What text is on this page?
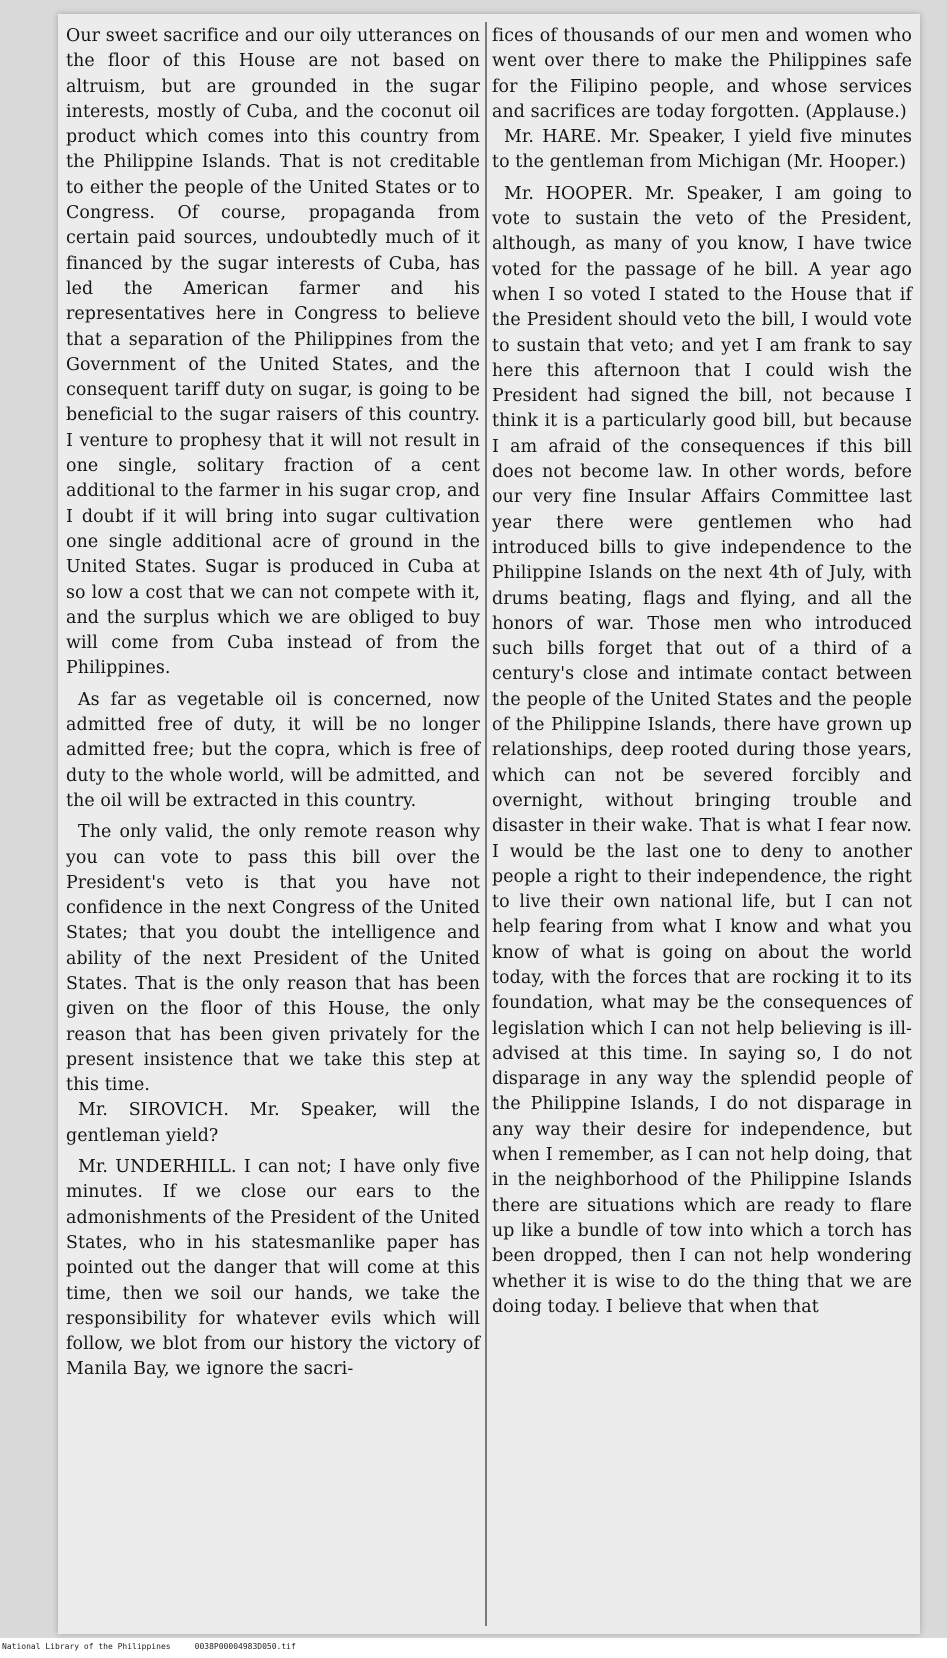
Our sweet sacrifice and our oily utterances on the floor of this House are not based on altruism, but are grounded in the sugar interests, mostly of Cuba, and the coconut oil product which comes into this country from the Philippine Islands. That is not creditable to either the people of the United States or to Congress. Of course, propaganda from certain paid sources, undoubtedly much of it financed by the sugar interests of Cuba, has led the American farmer and his representatives here in Congress to believe that a separation of the Philippines from the Government of the United States, and the consequent tariff duty on sugar, is going to be beneficial to the sugar raisers of this country. I venture to prophesy that it will not result in one single, solitary fraction of a cent additional to the farmer in his sugar crop, and I doubt if it will bring into sugar cultivation one single additional acre of ground in the United States. Sugar is produced in Cuba at so low a cost that we can not compete with it, and the surplus which we are obliged to buy will come from Cuba instead of from the Philippines.

As far as vegetable oil is concerned, now admitted free of duty, it will be no longer admitted free; but the copra, which is free of duty to the whole world, will be admitted, and the oil will be extracted in this country.

The only valid, the only remote reason why you can vote to pass this bill over the President's veto is that you have not confidence in the next Congress of the United States; that you doubt the intelligence and ability of the next President of the United States. That is the only reason that has been given on the floor of this House, the only reason that has been given privately for the present insistence that we take this step at this time.

Mr. SIROVICH. Mr. Speaker, will the gentleman yield?

Mr. UNDERHILL. I can not; I have only five minutes. If we close our ears to the admonishments of the President of the United States, who in his statesmanlike paper has pointed out the danger that will come at this time, then we soil our hands, we take the responsibility for whatever evils which will follow, we blot from our history the victory of Manila Bay, we ignore the sacri-

fices of thousands of our men and women who went over there to make the Philippines safe for the Filipino people, and whose services and sacrifices are today forgotten. (Applause.)

Mr. HARE. Mr. Speaker, I yield five minutes to the gentleman from Michigan (Mr. Hooper.)

Mr. HOOPER. Mr. Speaker, I am going to vote to sustain the veto of the President, although, as many of you know, I have twice voted for the passage of he bill. A year ago when I so voted I stated to the House that if the President should veto the bill, I would vote to sustain that veto; and yet I am frank to say here this afternoon that I could wish the President had signed the bill, not because I think it is a particularly good bill, but because I am afraid of the consequences if this bill does not become law. In other words, before our very fine Insular Affairs Committee last year there were gentlemen who had introduced bills to give independence to the Philippine Islands on the next 4th of July, with drums beating, flags and flying, and all the honors of war. Those men who introduced such bills forget that out of a third of a century's close and intimate contact between the people of the United States and the people of the Philippine Islands, there have grown up relationships, deep rooted during those years, which can not be severed forcibly and overnight, without bringing trouble and disaster in their wake. That is what I fear now. I would be the last one to deny to another people a right to their independence, the right to live their own national life, but I can not help fearing from what I know and what you know of what is going on about the world today, with the forces that are rocking it to its foundation, what may be the consequences of legislation which I can not help believing is ill-advised at this time. In saying so, I do not disparage in any way the splendid people of the Philippine Islands, I do not disparage in any way their desire for independence, but when I remember, as I can not help doing, that in the neighborhood of the Philippine Islands there are situations which are ready to flare up like a bundle of tow into which a torch has been dropped, then I can not help wondering whether it is wise to do the thing that we are doing today. I believe that when that

National Library of the Philippines     0038P00004983D050.tif
